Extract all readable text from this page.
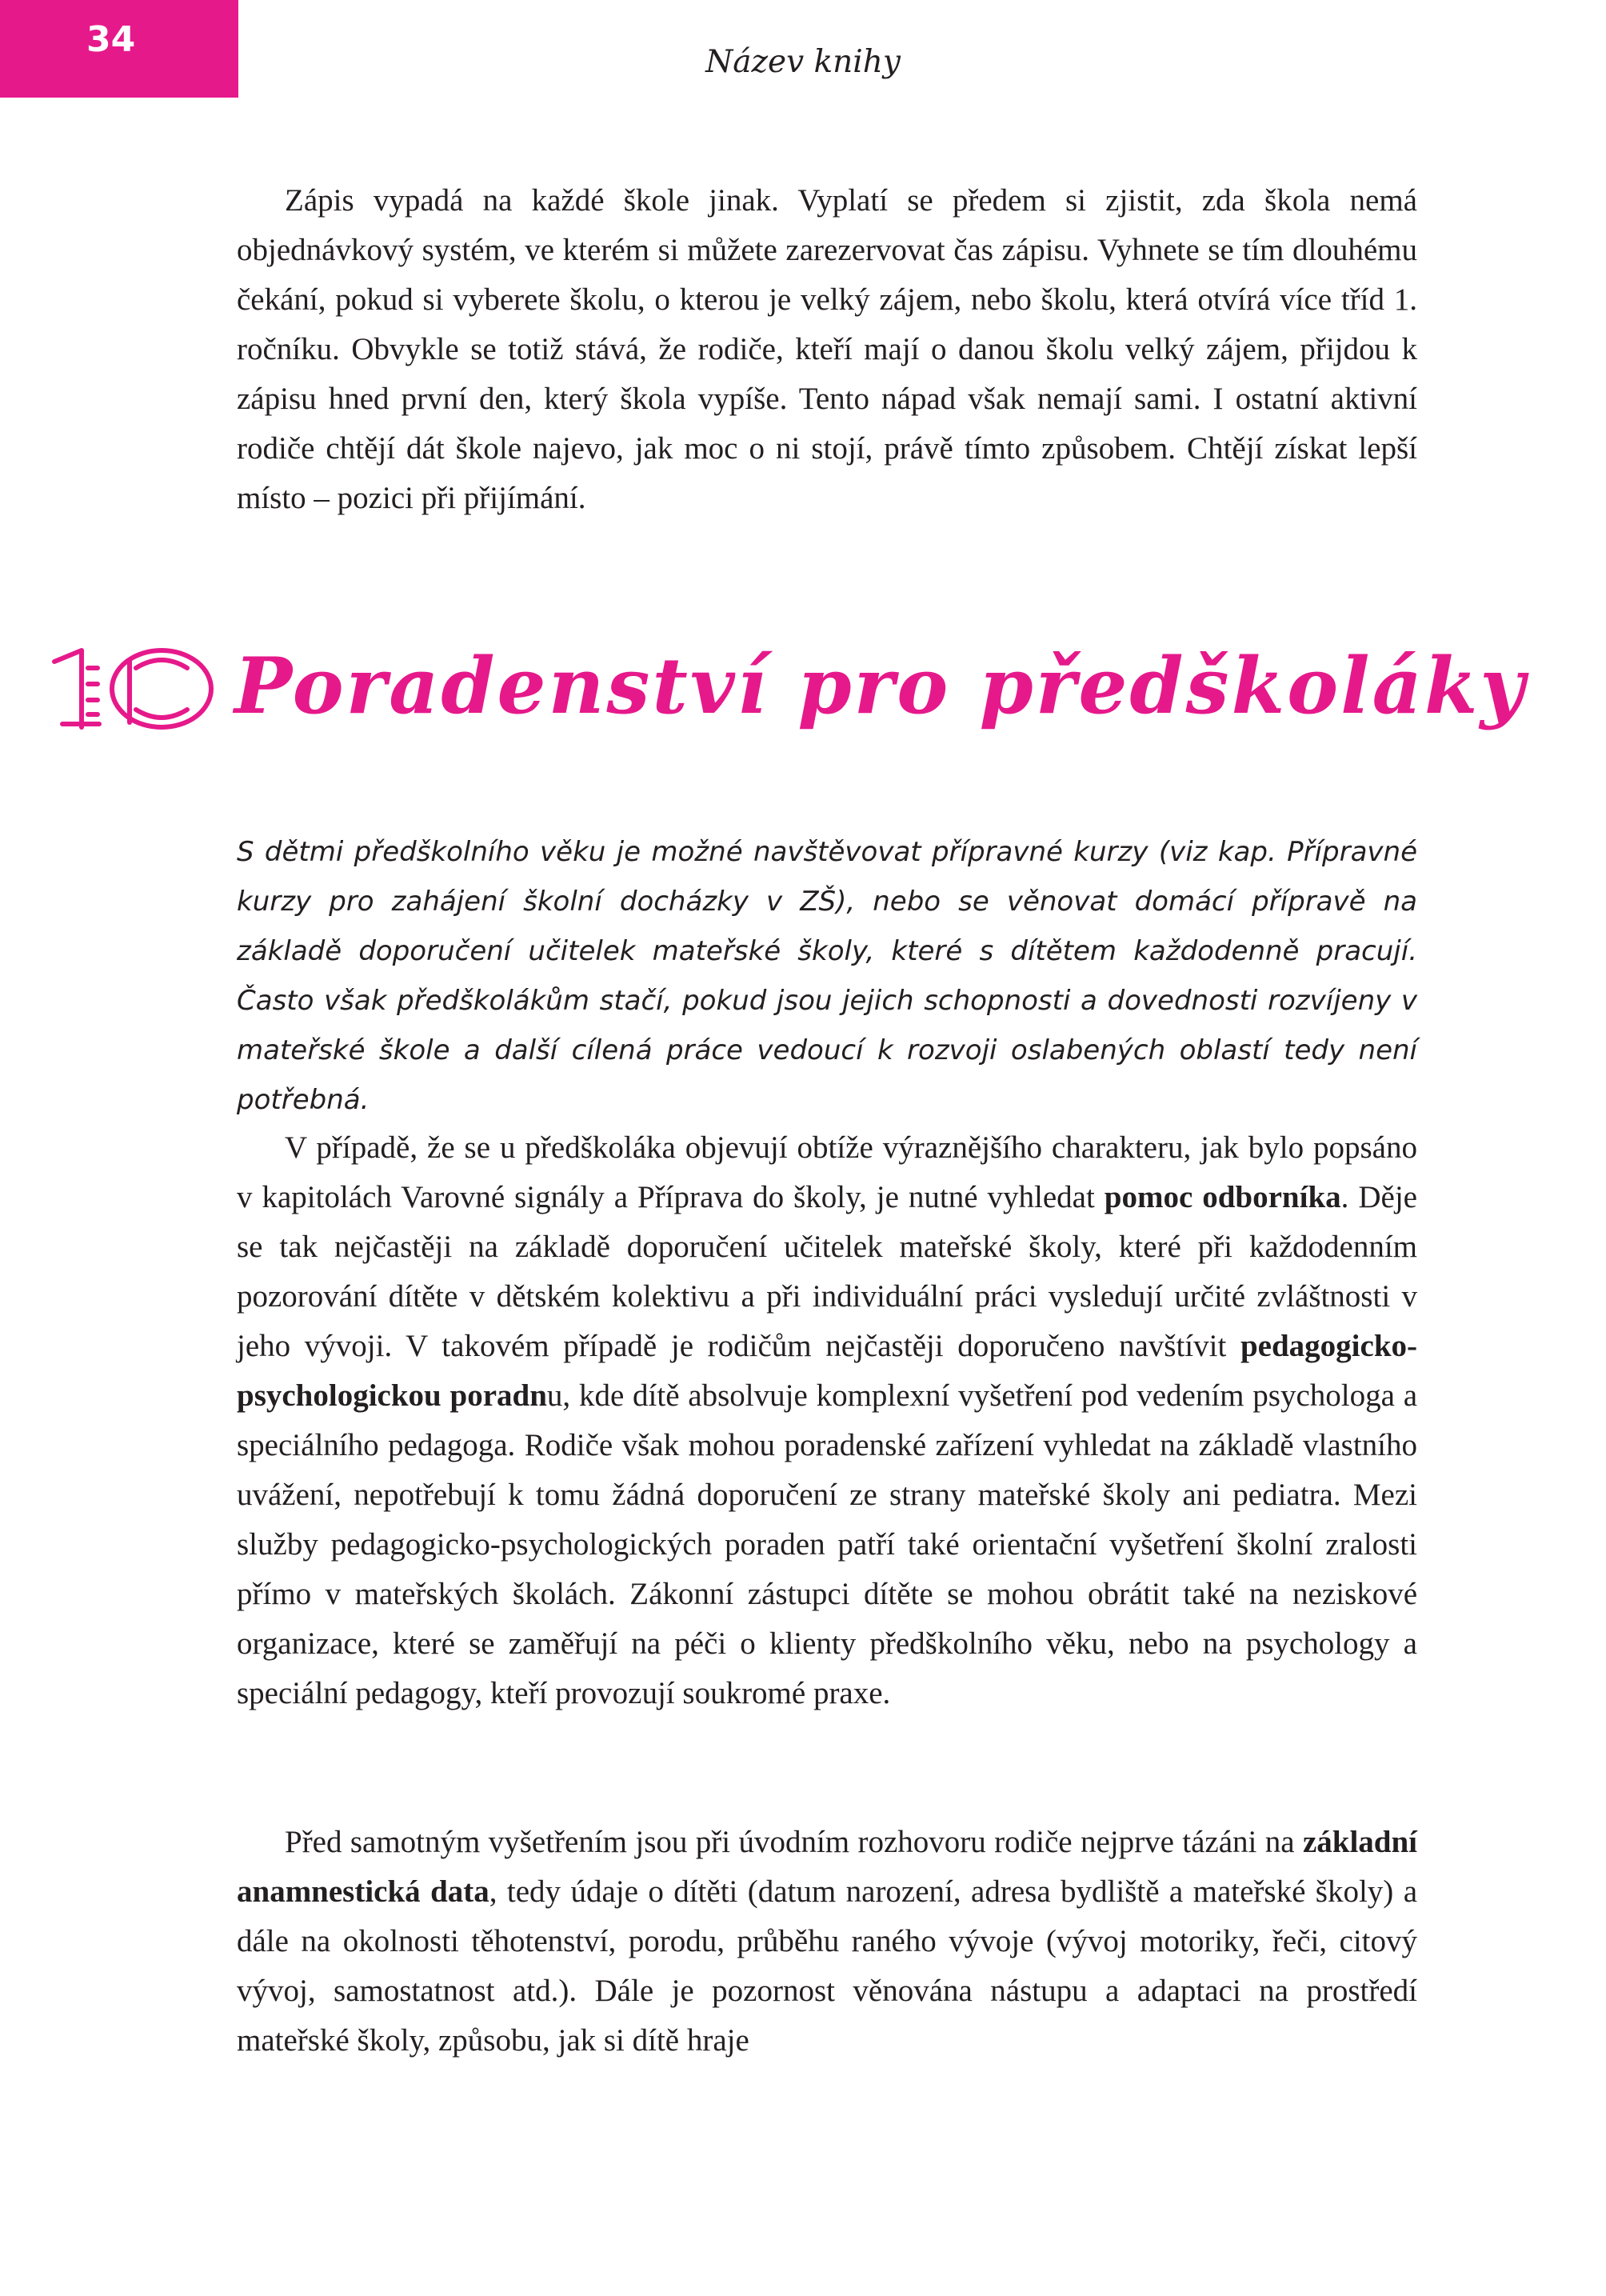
34
Název knihy

Zápis vypadá na každé škole jinak. Vyplatí se předem si zjistit, zda škola nemá objednávkový systém, ve kterém si můžete zarezervovat čas zápisu. Vyhnete se tím dlouhému čekání, pokud si vyberete školu, o kterou je velký zájem, nebo školu, která otvírá více tříd 1. ročníku. Obvykle se totiž stává, že rodiče, kteří mají o danou školu velký zájem, přijdou k zápisu hned první den, který škola vypíše. Tento nápad však nemají sami. I ostatní aktivní rodiče chtějí dát škole najevo, jak moc o ni stojí, právě tímto způsobem. Chtějí získat lepší místo – pozici při přijímání.

10 Poradenství pro předškoláky

S dětmi předškolního věku je možné navštěvovat přípravné kurzy (viz kap. Přípravné kurzy pro zahájení školní docházky v ZŠ), nebo se věnovat domácí přípravě na základě doporučení učitelek mateřské školy, které s dítětem každodenně pracují. Často však předškolákům stačí, pokud jsou jejich schopnosti a dovednosti rozvíjeny v mateřské škole a další cílená práce vedoucí k rozvoji oslabených oblastí tedy není potřebná.

V případě, že se u předškoláka objevují obtíže výraznějšího charakteru, jak bylo popsáno v kapitolách Varovné signály a Příprava do školy, je nutné vyhledat pomoc odborníka. Děje se tak nejčastěji na základě doporučení učitelek mateřské školy, které při každodenním pozorování dítěte v dětském kolektivu a při individuální práci vysledují určité zvláštnosti v jeho vývoji. V takovém případě je rodičům nejčastěji doporučeno navštívit pedagogicko-psychologickou poradnu, kde dítě absolvuje komplexní vyšetření pod vedením psychologa a speciálního pedagoga. Rodiče však mohou poradenské zařízení vyhledat na základě vlastního uvážení, nepotřebují k tomu žádná doporučení ze strany mateřské školy ani pediatra. Mezi služby pedagogicko-psychologických poraden patří také orientační vyšetření školní zralosti přímo v mateřských školách. Zákonní zástupci dítěte se mohou obrátit také na neziskové organizace, které se zaměřují na péči o klienty předškolního věku, nebo na psychology a speciální pedagogy, kteří provozují soukromé praxe.

Před samotným vyšetřením jsou při úvodním rozhovoru rodiče nejprve tázáni na základní anamnestická data, tedy údaje o dítěti (datum narození, adresa bydliště a mateřské školy) a dále na okolnosti těhotenství, porodu, průběhu raného vývoje (vývoj motoriky, řeči, citový vývoj, samostatnost atd.). Dále je pozornost věnována nástupu a adaptaci na prostředí mateřské školy, způsobu, jak si dítě hraje
